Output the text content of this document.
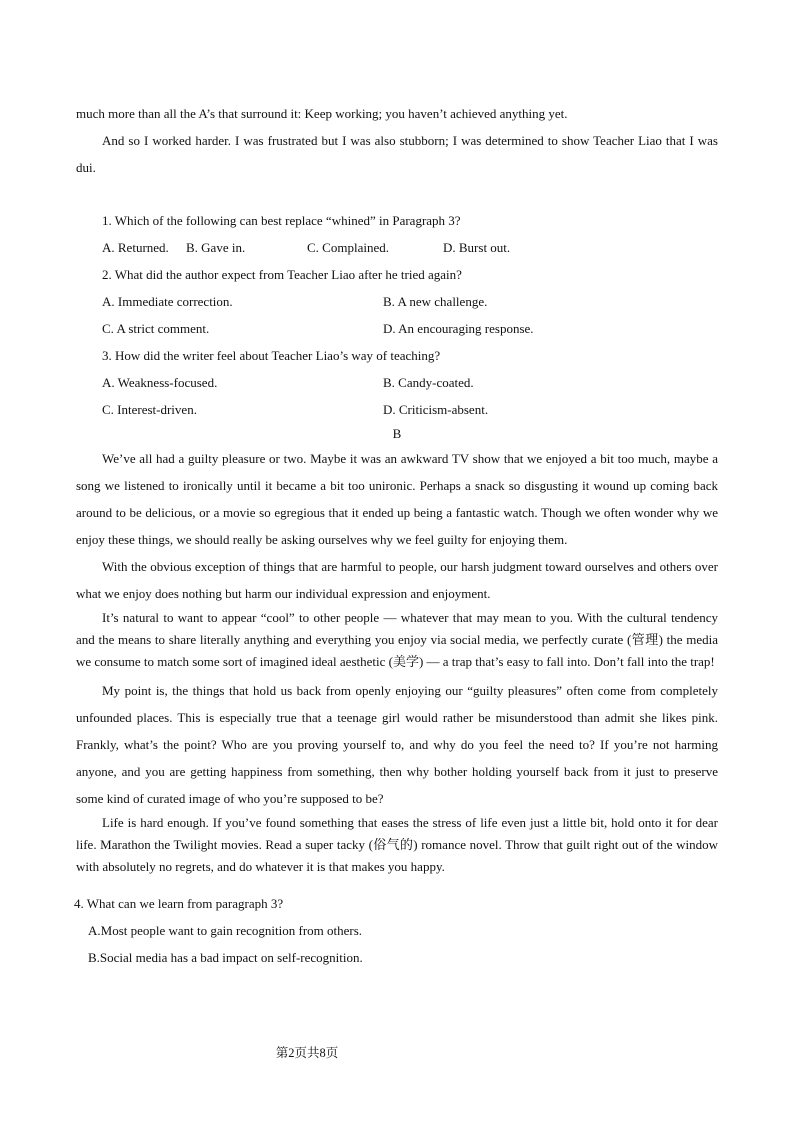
much more than all the A’s that surround it: Keep working; you haven’t achieved anything yet.

And so I worked harder. I was frustrated but I was also stubborn; I was determined to show Teacher Liao that I was dui.

1. Which of the following can best replace “whined” in Paragraph 3?

A. Returned. B. Gave in.	C. Complained.	D. Burst out.

2. What did the author expect from Teacher Liao after he tried again?

A. Immediate correction.	B. A new challenge.
C. A strict comment.	D. An encouraging response.

3. How did the writer feel about Teacher Liao’s way of teaching?

A. Weakness-focused.	B. Candy-coated.
C. Interest-driven.	D. Criticism-absent.

B

We’ve all had a guilty pleasure or two. Maybe it was an awkward TV show that we enjoyed a bit too much, maybe a song we listened to ironically until it became a bit too unironic. Perhaps a snack so disgusting it wound up coming back around to be delicious, or a movie so egregious that it ended up being a fantastic watch. Though we often wonder why we enjoy these things, we should really be asking ourselves why we feel guilty for enjoying them.

With the obvious exception of things that are harmful to people, our harsh judgment toward ourselves and others over what we enjoy does nothing but harm our individual expression and enjoyment.

It’s natural to want to appear “cool” to other people — whatever that may mean to you. With the cultural tendency and the means to share literally anything and everything you enjoy via social media, we perfectly curate (管理) the media we consume to match some sort of imagined ideal aesthetic (美学) — a trap that’s easy to fall into. Don’t fall into the trap!

My point is, the things that hold us back from openly enjoying our “guilty pleasures” often come from completely unfounded places. This is especially true that a teenage girl would rather be misunderstood than admit she likes pink. Frankly, what’s the point? Who are you proving yourself to, and why do you feel the need to? If you’re not harming anyone, and you are getting happiness from something, then why bother holding yourself back from it just to preserve some kind of curated image of who you’re supposed to be?

Life is hard enough. If you’ve found something that eases the stress of life even just a little bit, hold onto it for dear life. Marathon the Twilight movies. Read a super tacky (俗气的) romance novel. Throw that guilt right out of the window with absolutely no regrets, and do whatever it is that makes you happy.

4. What can we learn from paragraph 3?

A.Most people want to gain recognition from others.

B.Social media has a bad impact on self-recognition.

第2页共8页
